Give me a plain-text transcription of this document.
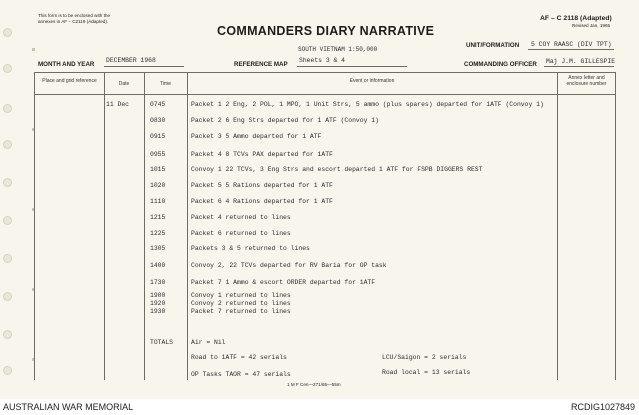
This form is to be enclosed with the
annexes in AF – C2119 (Adapted).
COMMANDERS DIARY NARRATIVE
AF – C 2118 (Adapted)
Revised Jan, 1965
SOUTH VIETNAM 1:50,000
UNIT/FORMATION 5 COY RAASC (DIV TPT)
MONTH AND YEAR
DECEMBER 1968
REFERENCE MAP
Sheets 3 & 4
COMMANDING OFFICER Maj J.M. GILLESPIE
Place and grid reference	Date	Time	Event or information	Annex letter and enclosure number
11 Dec	0745	Packet 1 2 Eng, 2 POL, 1 MPO, 1 Unit Strs, 5 ammo (plus spares) departed for 1ATF (Convoy 1)
0830	Packet 2 6 Eng Strs departed for 1 ATF (Convoy 1)
0915	Packet 3 5 Ammo departed for 1 ATF
0955	Packet 4 8 TCVs PAX departed for 1ATF
1015	Convoy 1 22 TCVs, 3 Eng Strs and escort departed 1 ATF for FSPB DIGGERS REST
1020	Packet 5 5 Rations departed for 1 ATF
1110	Packet 6 4 Rations departed for 1 ATF
1215	Packet 4 returned to lines
1225	Packet 6 returned to lines
1305	Packets 3 & 5 returned to lines
1400	Convoy 2, 22 TCVs departed for RV Baria for OP task
1730	Packet 7 1 Ammo & escort ORDER departed for 1ATF
1900	Convoy 1 returned to lines
1920	Convoy 2 returned to lines
1930	Packet 7 returned to lines
TOTALS	Air = Nil
Road to 1ATF = 42 serials	LCU/Saigon = 2 serials
OP Tasks TAOR = 47 serials	Road local = 13 serials
1 M F Cen—271/65—55m
AUSTRALIAN WAR MEMORIAL	RCDIG1027849
